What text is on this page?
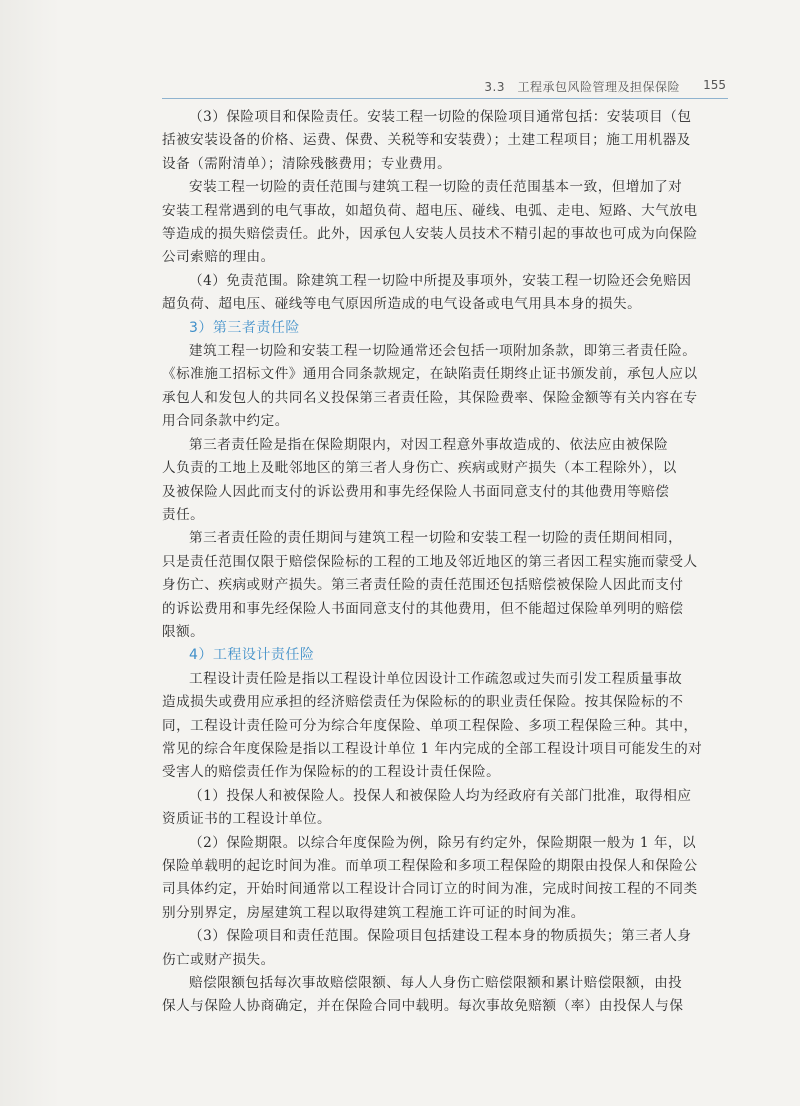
3.3　工程承包风险管理及担保保险 155

（3）保险项目和保险责任。安装工程一切险的保险项目通常包括：安装项目（包

括被安装设备的价格、运费、保费、关税等和安装费）；土建工程项目；施工用机器及

设备（需附清单）；清除残骸费用；专业费用。

安装工程一切险的责任范围与建筑工程一切险的责任范围基本一致，但增加了对

安装工程常遇到的电气事故，如超负荷、超电压、碰线、电弧、走电、短路、大气放电

等造成的损失赔偿责任。此外，因承包人安装人员技术不精引起的事故也可成为向保险

公司索赔的理由。

（4）免责范围。除建筑工程一切险中所提及事项外，安装工程一切险还会免赔因

超负荷、超电压、碰线等电气原因所造成的电气设备或电气用具本身的损失。

3）第三者责任险

建筑工程一切险和安装工程一切险通常还会包括一项附加条款，即第三者责任险。

《标准施工招标文件》通用合同条款规定，在缺陷责任期终止证书颁发前，承包人应以

承包人和发包人的共同名义投保第三者责任险，其保险费率、保险金额等有关内容在专

用合同条款中约定。

第三者责任险是指在保险期限内，对因工程意外事故造成的、依法应由被保险

人负责的工地上及毗邻地区的第三者人身伤亡、疾病或财产损失（本工程除外），以

及被保险人因此而支付的诉讼费用和事先经保险人书面同意支付的其他费用等赔偿

责任。

第三者责任险的责任期间与建筑工程一切险和安装工程一切险的责任期间相同，

只是责任范围仅限于赔偿保险标的工程的工地及邻近地区的第三者因工程实施而蒙受人

身伤亡、疾病或财产损失。第三者责任险的责任范围还包括赔偿被保险人因此而支付

的诉讼费用和事先经保险人书面同意支付的其他费用，但不能超过保险单列明的赔偿

限额。

4）工程设计责任险

工程设计责任险是指以工程设计单位因设计工作疏忽或过失而引发工程质量事故

造成损失或费用应承担的经济赔偿责任为保险标的的职业责任保险。按其保险标的不

同，工程设计责任险可分为综合年度保险、单项工程保险、多项工程保险三种。其中，

常见的综合年度保险是指以工程设计单位 1 年内完成的全部工程设计项目可能发生的对

受害人的赔偿责任作为保险标的的工程设计责任保险。

（1）投保人和被保险人。投保人和被保险人均为经政府有关部门批准，取得相应

资质证书的工程设计单位。

（2）保险期限。以综合年度保险为例，除另有约定外，保险期限一般为 1 年，以

保险单载明的起讫时间为准。而单项工程保险和多项工程保险的期限由投保人和保险公

司具体约定，开始时间通常以工程设计合同订立的时间为准，完成时间按工程的不同类

别分别界定，房屋建筑工程以取得建筑工程施工许可证的时间为准。

（3）保险项目和责任范围。保险项目包括建设工程本身的物质损失；第三者人身

伤亡或财产损失。

赔偿限额包括每次事故赔偿限额、每人人身伤亡赔偿限额和累计赔偿限额，由投

保人与保险人协商确定，并在保险合同中载明。每次事故免赔额（率）由投保人与保
